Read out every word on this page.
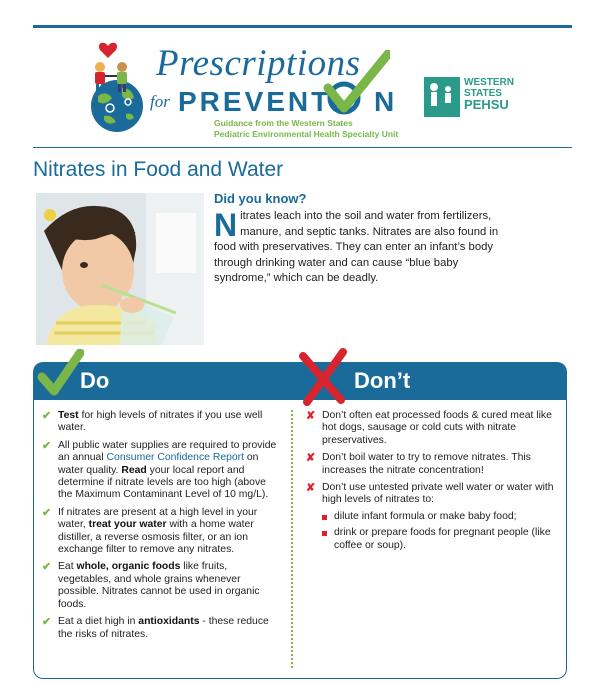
Prescriptions
for PREVENTI N
Guidance from the Western States
Pediatric Environmental Health Specialty Unit
WESTERN
STATES
PEHSU
Nitrates in Food and Water
Did you know?
Nitrates leach into the soil and water from fertilizers, manure, and septic tanks. Nitrates are also found in food with preservatives. They can enter an infant’s body through drinking water and can cause “blue baby syndrome,” which can be deadly.
Do	Don’t
✔ Test for high levels of nitrates if you use well water.
✔ All public water supplies are required to provide an annual Consumer Confidence Report on water quality. Read your local report and determine if nitrate levels are too high (above the Maximum Contaminant Level of 10 mg/L).
✔ If nitrates are present at a high level in your water, treat your water with a home water distiller, a reverse osmosis filter, or an ion exchange filter to remove any nitrates.
✔ Eat whole, organic foods like fruits, vegetables, and whole grains whenever possible. Nitrates cannot be used in organic foods.
✔ Eat a diet high in antioxidants - these reduce the risks of nitrates.
✘ Don’t often eat processed foods & cured meat like hot dogs, sausage or cold cuts with nitrate preservatives.
✘ Don’t boil water to try to remove nitrates. This increases the nitrate concentration!
✘ Don’t use untested private well water or water with high levels of nitrates to:
dilute infant formula or make baby food;
drink or prepare foods for pregnant people (like coffee or soup).
